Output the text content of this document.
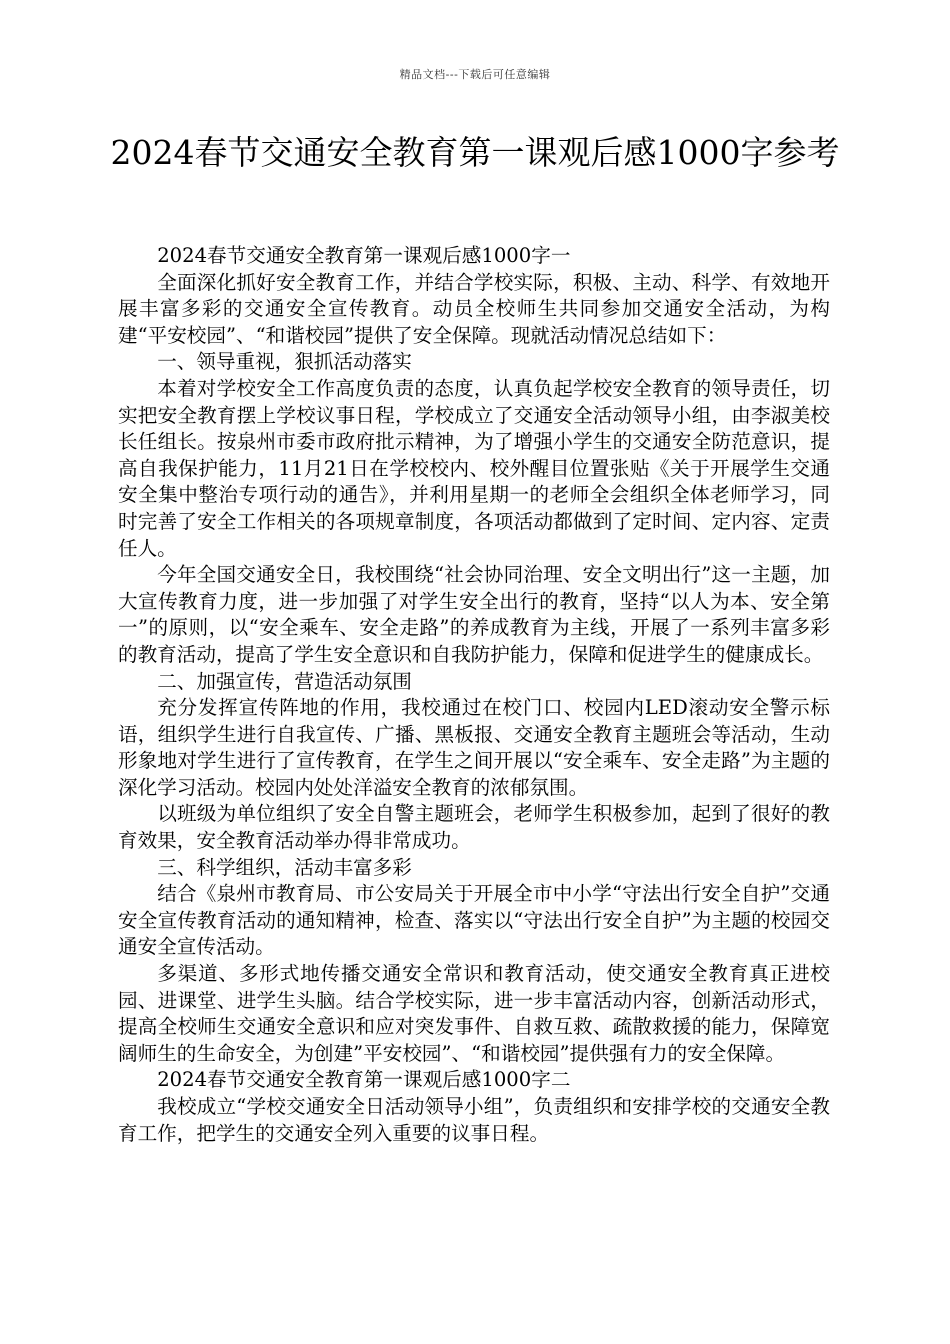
精品文档---下载后可任意编辑
2024春节交通安全教育第一课观后感1000字参考

2024春节交通安全教育第一课观后感1000字一

全面深化抓好安全教育工作，并结合学校实际，积极、主动、科学、有效地开展丰富多彩的交通安全宣传教育。动员全校师生共同参加交通安全活动，为构建“平安校园”、“和谐校园”提供了安全保障。现就活动情况总结如下：

一、领导重视，狠抓活动落实

本着对学校安全工作高度负责的态度，认真负起学校安全教育的领导责任，切实把安全教育摆上学校议事日程，学校成立了交通安全活动领导小组，由李淑美校长任组长。按泉州市委市政府批示精神，为了增强小学生的交通安全防范意识，提高自我保护能力，11月21日在学校校内、校外醒目位置张贴《关于开展学生交通安全集中整治专项行动的通告》，并利用星期一的老师全会组织全体老师学习，同时完善了安全工作相关的各项规章制度，各项活动都做到了定时间、定内容、定责任人。

今年全国交通安全日，我校围绕“社会协同治理、安全文明出行”这一主题，加大宣传教育力度，进一步加强了对学生安全出行的教育，坚持“以人为本、安全第一”的原则，以“安全乘车、安全走路”的养成教育为主线，开展了一系列丰富多彩的教育活动，提高了学生安全意识和自我防护能力，保障和促进学生的健康成长。

二、加强宣传，营造活动氛围

充分发挥宣传阵地的作用，我校通过在校门口、校园内LED滚动安全警示标语，组织学生进行自我宣传、广播、黑板报、交通安全教育主题班会等活动，生动形象地对学生进行了宣传教育，在学生之间开展以“安全乘车、安全走路”为主题的深化学习活动。校园内处处洋溢安全教育的浓郁氛围。

以班级为单位组织了安全自警主题班会，老师学生积极参加，起到了很好的教育效果，安全教育活动举办得非常成功。

三、科学组织，活动丰富多彩

结合《泉州市教育局、市公安局关于开展全市中小学“守法出行安全自护”交通安全宣传教育活动的通知精神，检查、落实以“守法出行安全自护”为主题的校园交通安全宣传活动。

多渠道、多形式地传播交通安全常识和教育活动，使交通安全教育真正进校园、进课堂、进学生头脑。结合学校实际，进一步丰富活动内容，创新活动形式，提高全校师生交通安全意识和应对突发事件、自救互救、疏散救援的能力，保障宽阔师生的生命安全，为创建”平安校园”、“和谐校园”提供强有力的安全保障。

2024春节交通安全教育第一课观后感1000字二

我校成立“学校交通安全日活动领导小组”，负责组织和安排学校的交通安全教育工作，把学生的交通安全列入重要的议事日程。
